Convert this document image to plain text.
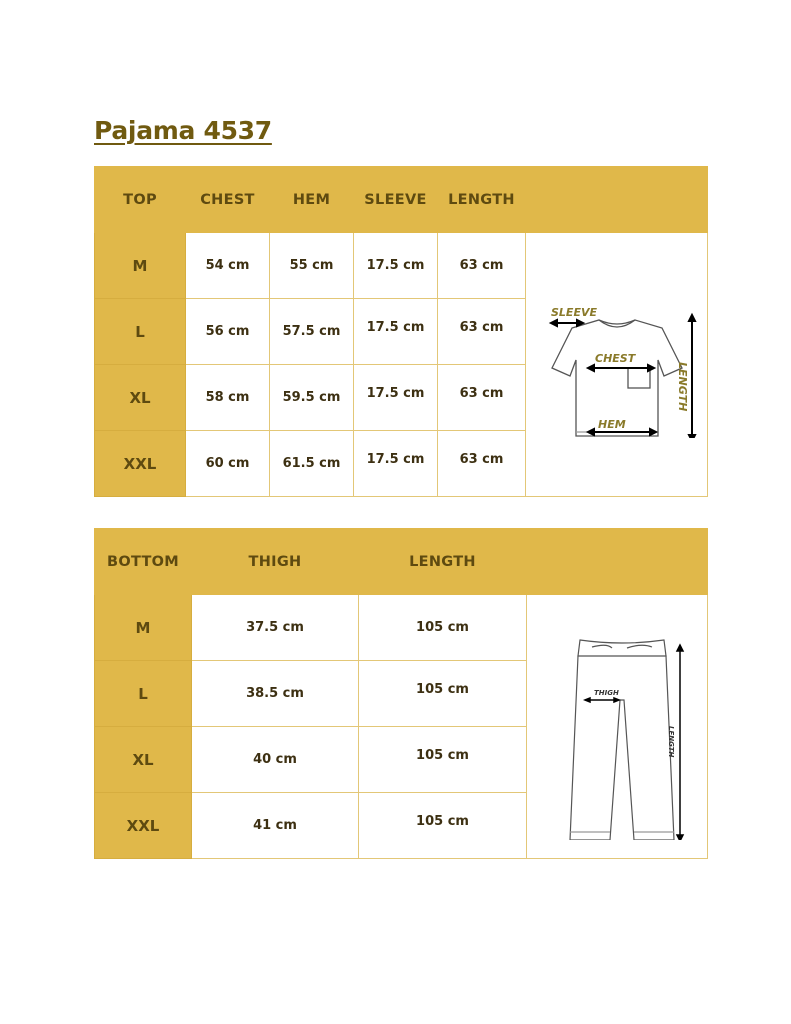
Pajama 4537
TOP	CHEST	HEM	SLEEVE	LENGTH	
M	54 cm	55 cm	17.5 cm	63 cm	SLEEVE
CHEST
HEM
LENGTH

L	56 cm	57.5 cm	17.5 cm	63 cm	
XL	58 cm	59.5 cm	17.5 cm	63 cm	
XXL	60 cm	61.5 cm	17.5 cm	63 cm	
BOTTOM	THIGH	LENGTH	
M	37.5 cm	105 cm	THIGH
LENGTH

L	38.5 cm	105 cm	
XL	40 cm	105 cm	
XXL	41 cm	105 cm	
